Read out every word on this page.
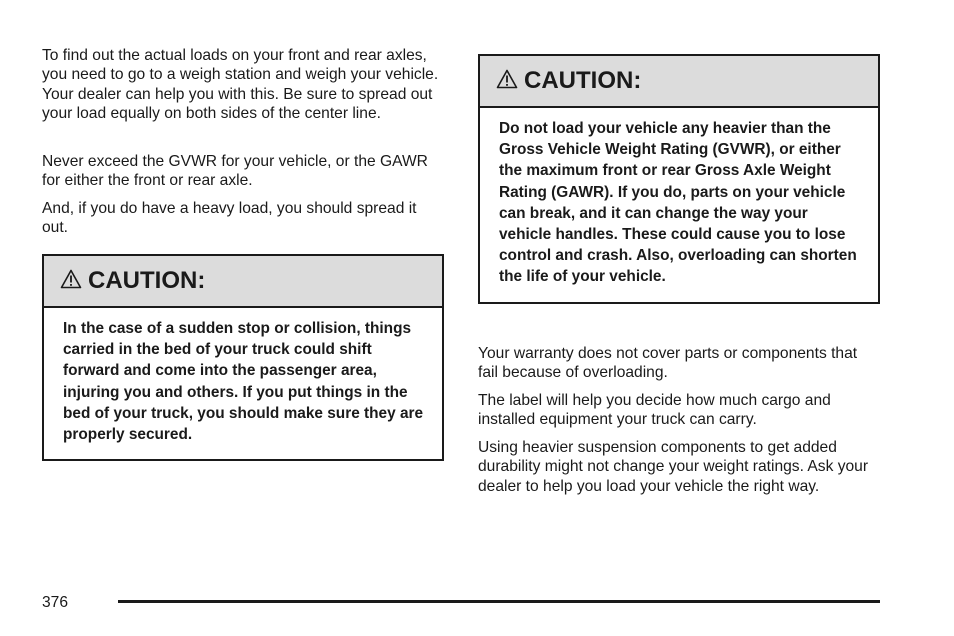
To find out the actual loads on your front and rear axles, you need to go to a weigh station and weigh your vehicle. Your dealer can help you with this. Be sure to spread out your load equally on both sides of the center line.

Never exceed the GVWR for your vehicle, or the GAWR for either the front or rear axle.

And, if you do have a heavy load, you should spread it out.

CAUTION:
In the case of a sudden stop or collision, things carried in the bed of your truck could shift forward and come into the passenger area, injuring you and others. If you put things in the bed of your truck, you should make sure they are properly secured.
CAUTION:
Do not load your vehicle any heavier than the Gross Vehicle Weight Rating (GVWR), or either the maximum front or rear Gross Axle Weight Rating (GAWR). If you do, parts on your vehicle can break, and it can change the way your vehicle handles. These could cause you to lose control and crash. Also, overloading can shorten the life of your vehicle.

Your warranty does not cover parts or components that fail because of overloading.

The label will help you decide how much cargo and installed equipment your truck can carry.

Using heavier suspension components to get added durability might not change your weight ratings. Ask your dealer to help you load your vehicle the right way.

376
